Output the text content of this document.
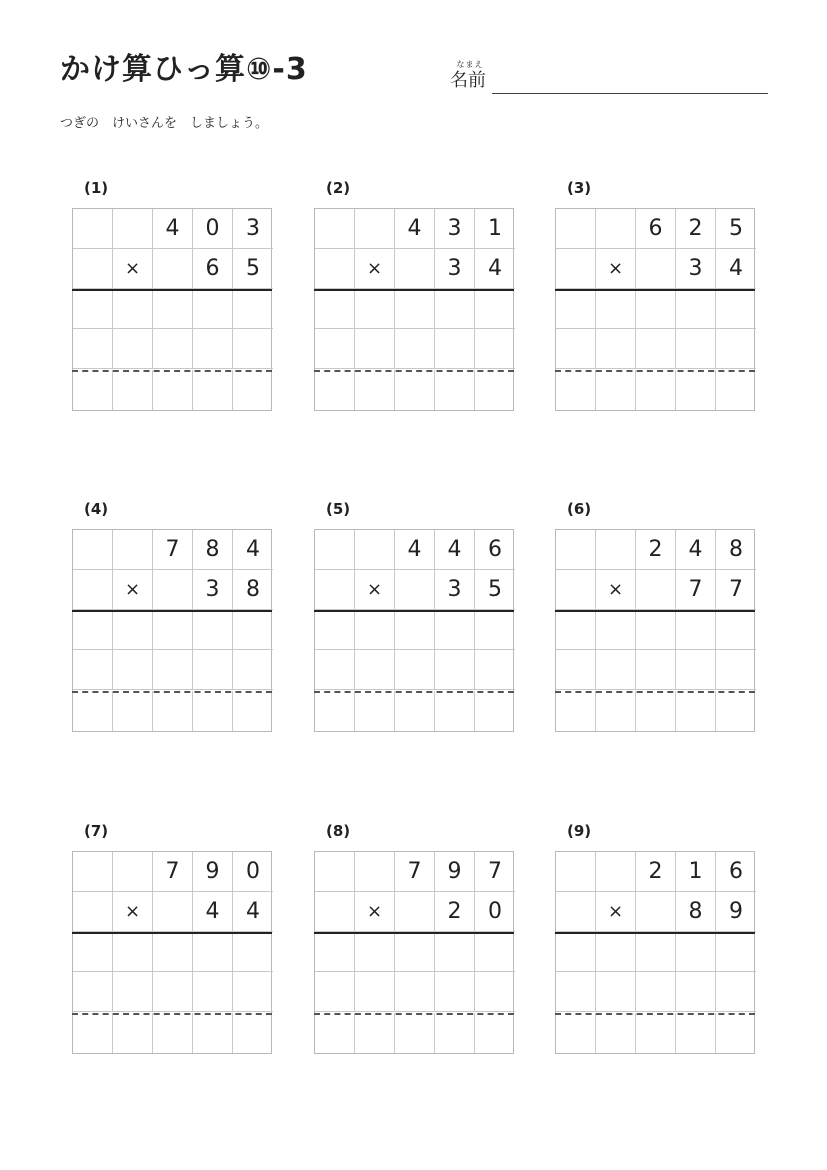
かけ算ひっ算⑩-3	なまえ
名前
つぎの　けいさんを　しましょう。
(1)
4	0	3
×	6	5
(2)
4	3	1
×	3	4
(3)
6	2	5
×	3	4
(4)
7	8	4
×	3	8
(5)
4	4	6
×	3	5
(6)
2	4	8
×	7	7
(7)
7	9	0
×	4	4
(8)
7	9	7
×	2	0
(9)
2	1	6
×	8	9
